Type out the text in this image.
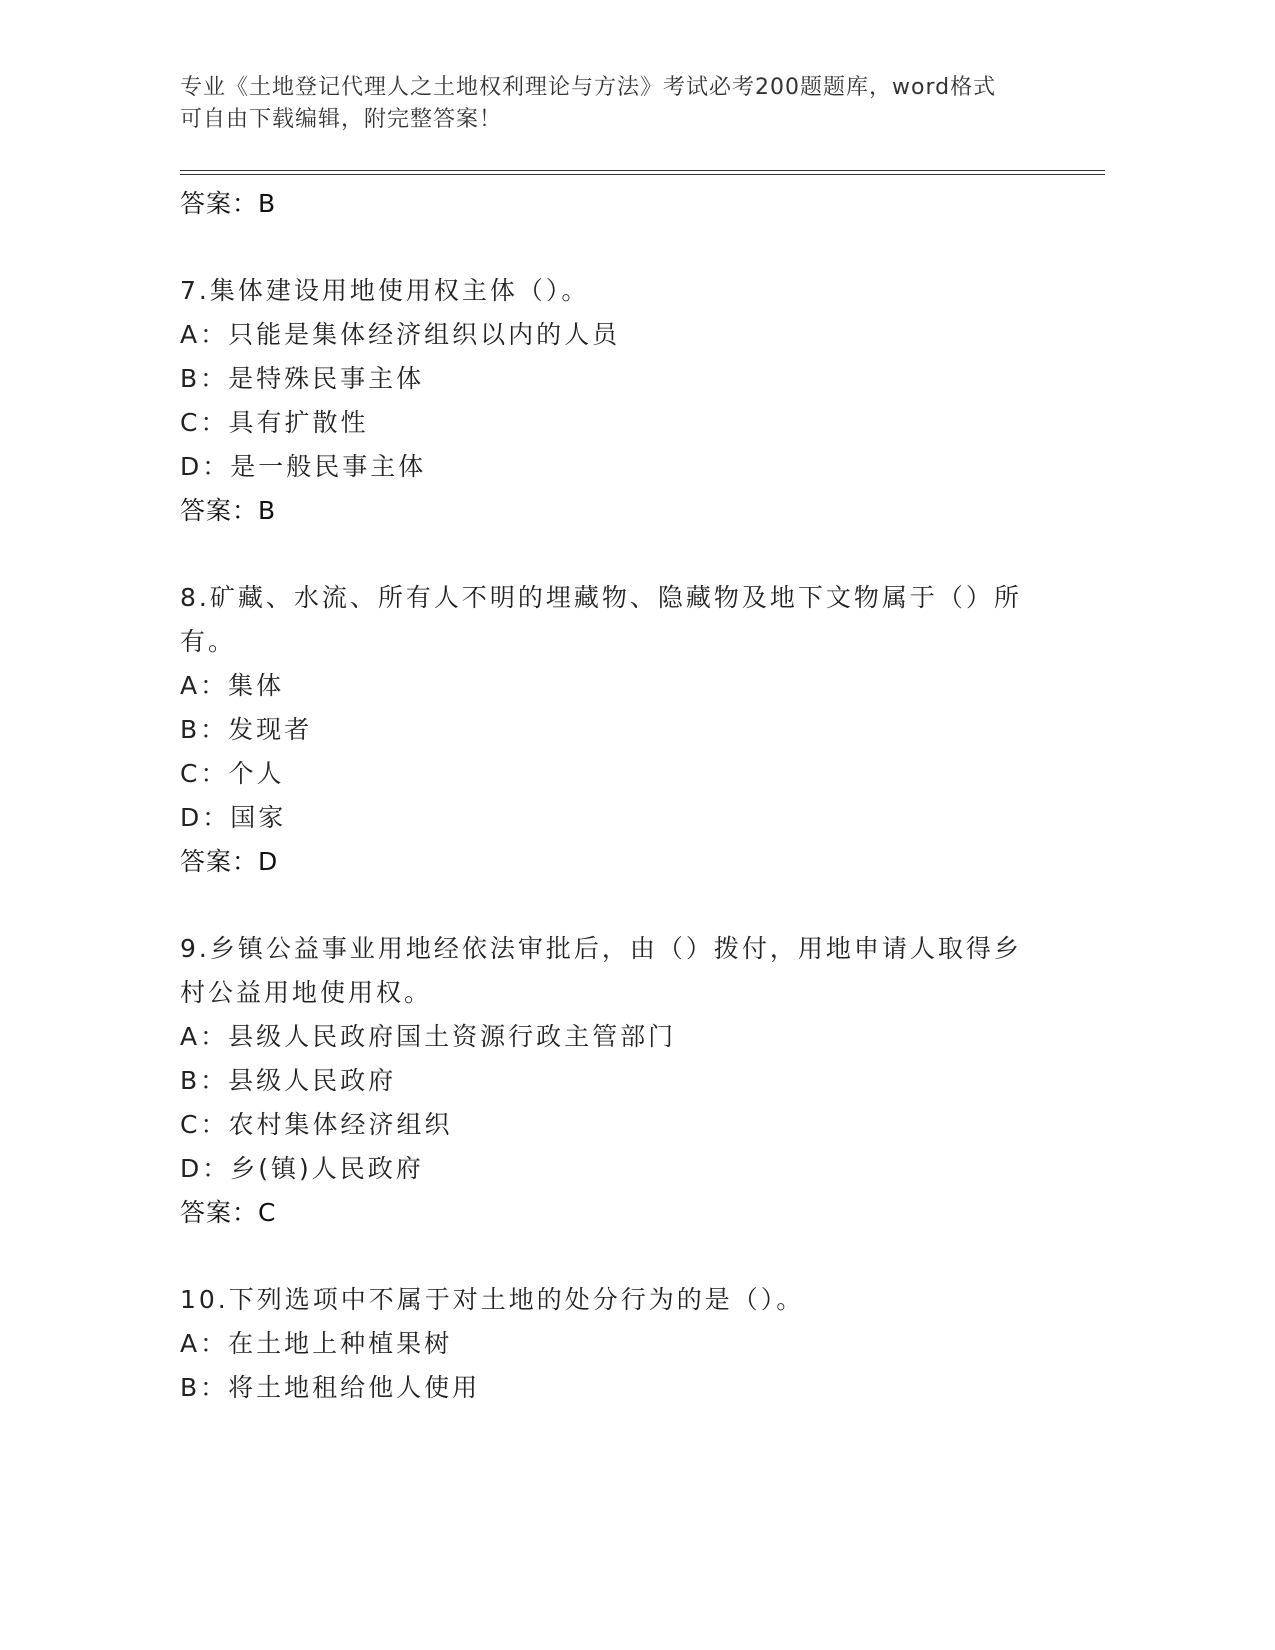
专业《土地登记代理人之土地权利理论与方法》考试必考200题题库，word格式
可自由下载编辑，附完整答案！
答案：B
7.集体建设用地使用权主体（）。
A：只能是集体经济组织以内的人员
B：是特殊民事主体
C：具有扩散性
D：是一般民事主体
答案：B
8.矿藏、水流、所有人不明的埋藏物、隐藏物及地下文物属于（）所
有。
A：集体
B：发现者
C：个人
D：国家
答案：D
9.乡镇公益事业用地经依法审批后，由（）拨付，用地申请人取得乡
村公益用地使用权。
A：县级人民政府国土资源行政主管部门
B：县级人民政府
C：农村集体经济组织
D：乡(镇)人民政府
答案：C
10.下列选项中不属于对土地的处分行为的是（）。
A：在土地上种植果树
B：将土地租给他人使用
